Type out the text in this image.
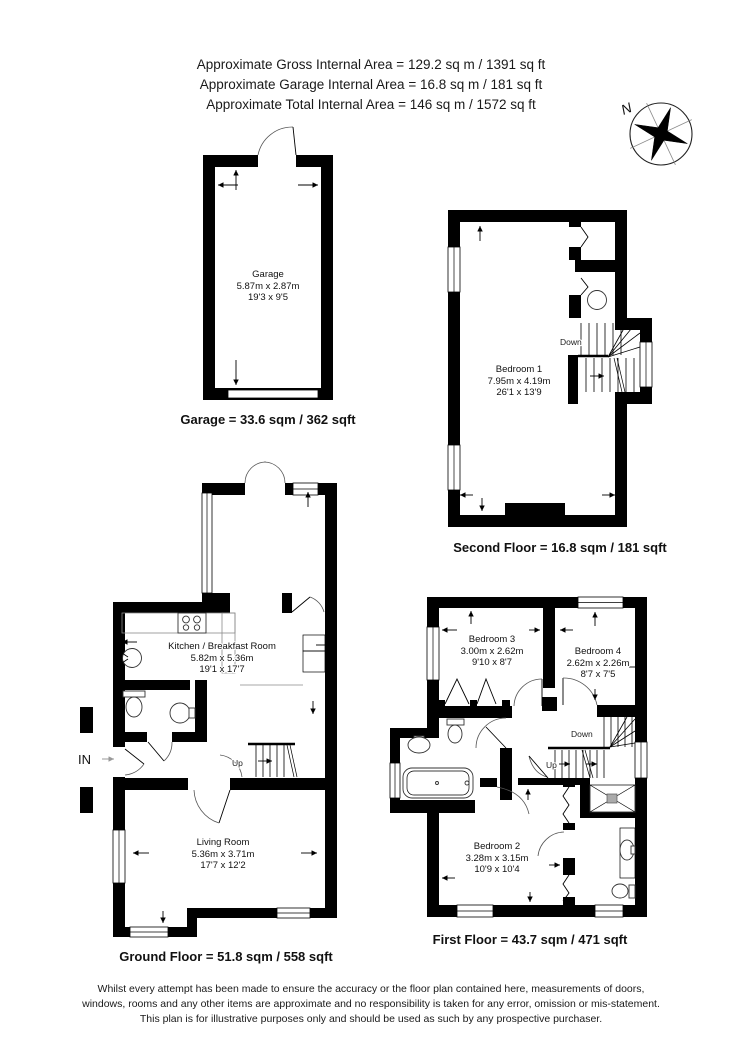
Approximate Gross Internal Area = 129.2 sq m / 1391 sq ft
Approximate Garage Internal Area = 16.8 sq m / 181 sq ft
Approximate Total Internal Area = 146 sq m / 1572 sq ft	N
Garage
5.87m x 2.87m
19'3 x 9'5
Garage = 33.6 sqm / 362 sqft
Down
Bedroom 1
7.95m x 4.19m
26'1 x 13'9
Second Floor = 16.8 sqm / 181 sqft
IN	Up
Kitchen / Breakfast Room
5.82m x 5.36m
19'1 x 17'7
Living Room
5.36m x 3.71m
17'7 x 12'2
Ground Floor = 51.8 sqm / 558 sqft
Down
Up
Bedroom 3
3.00m x 2.62m
9'10 x 8'7
Bedroom 4
2.62m x 2.26m
8'7 x 7'5
Bedroom 2
3.28m x 3.15m
10'9 x 10'4
First Floor = 43.7 sqm / 471 sqft
Whilst every attempt has been made to ensure the accuracy or the floor plan contained here, measurements of doors,
windows, rooms and any other items are approximate and no responsibility is taken for any error, omission or mis-statement.
This plan is for illustrative purposes only and should be used as such by any prospective purchaser.
